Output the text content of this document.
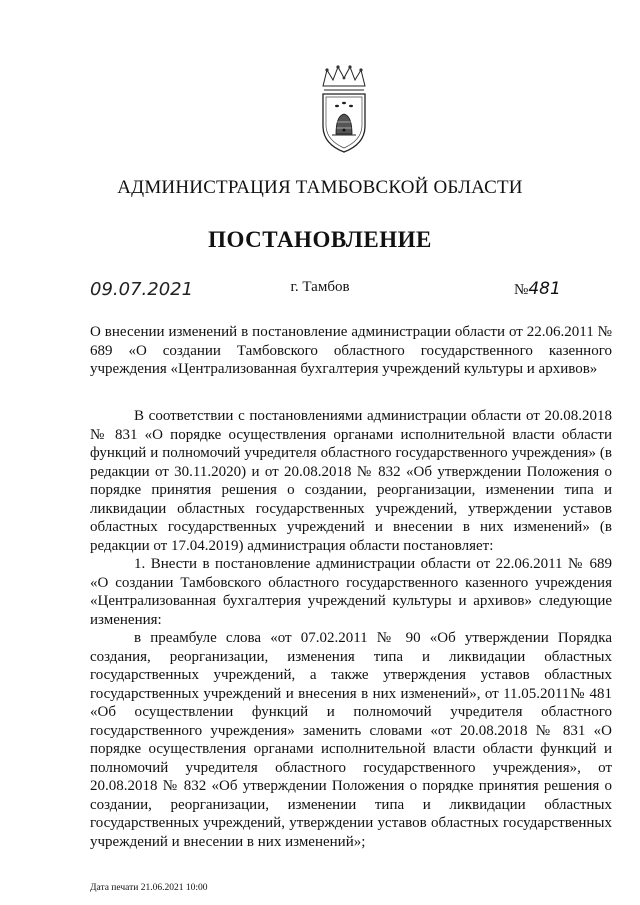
АДМИНИСТРАЦИЯ ТАМБОВСКОЙ ОБЛАСТИ
ПОСТАНОВЛЕНИЕ
09.07.2021	г. Тамбов	№481
О внесении изменений в постановление администрации области от 22.06.2011 № 689 «О создании Тамбовского областного государственного казенного учреждения «Централизованная бухгалтерия учреждений культуры и архивов»

В соответствии с постановлениями администрации области от 20.08.2018 № 831 «О порядке осуществления органами исполнительной власти области функций и полномочий учредителя областного государственного учреждения» (в редакции от 30.11.2020) и от 20.08.2018 № 832 «Об утверждении Положения о порядке принятия решения о создании, реорганизации, изменении типа и ликвидации областных государственных учреждений, утверждении уставов областных государственных учреждений и внесении в них изменений» (в редакции от 17.04.2019) администрация области постановляет:

1. Внести в постановление администрации области от 22.06.2011 № 689 «О создании Тамбовского областного государственного казенного учреждения «Централизованная бухгалтерия учреждений культуры и архивов» следующие изменения:

в преамбуле слова «от 07.02.2011 № 90 «Об утверждении Порядка создания, реорганизации, изменения типа и ликвидации областных государственных учреждений, а также утверждения уставов областных государственных учреждений и внесения в них изменений», от 11.05.2011№ 481 «Об осуществлении функций и полномочий учредителя областного государственного учреждения» заменить словами «от 20.08.2018 № 831 «О порядке осуществления органами исполнительной власти области функций и полномочий учредителя областного государственного учреждения», от 20.08.2018 № 832 «Об утверждении Положения о порядке принятия решения о создании, реорганизации, изменении типа и ликвидации областных государственных учреждений, утверждении уставов областных государственных учреждений и внесении в них изменений»;

Дата печати 21.06.2021 10:00
